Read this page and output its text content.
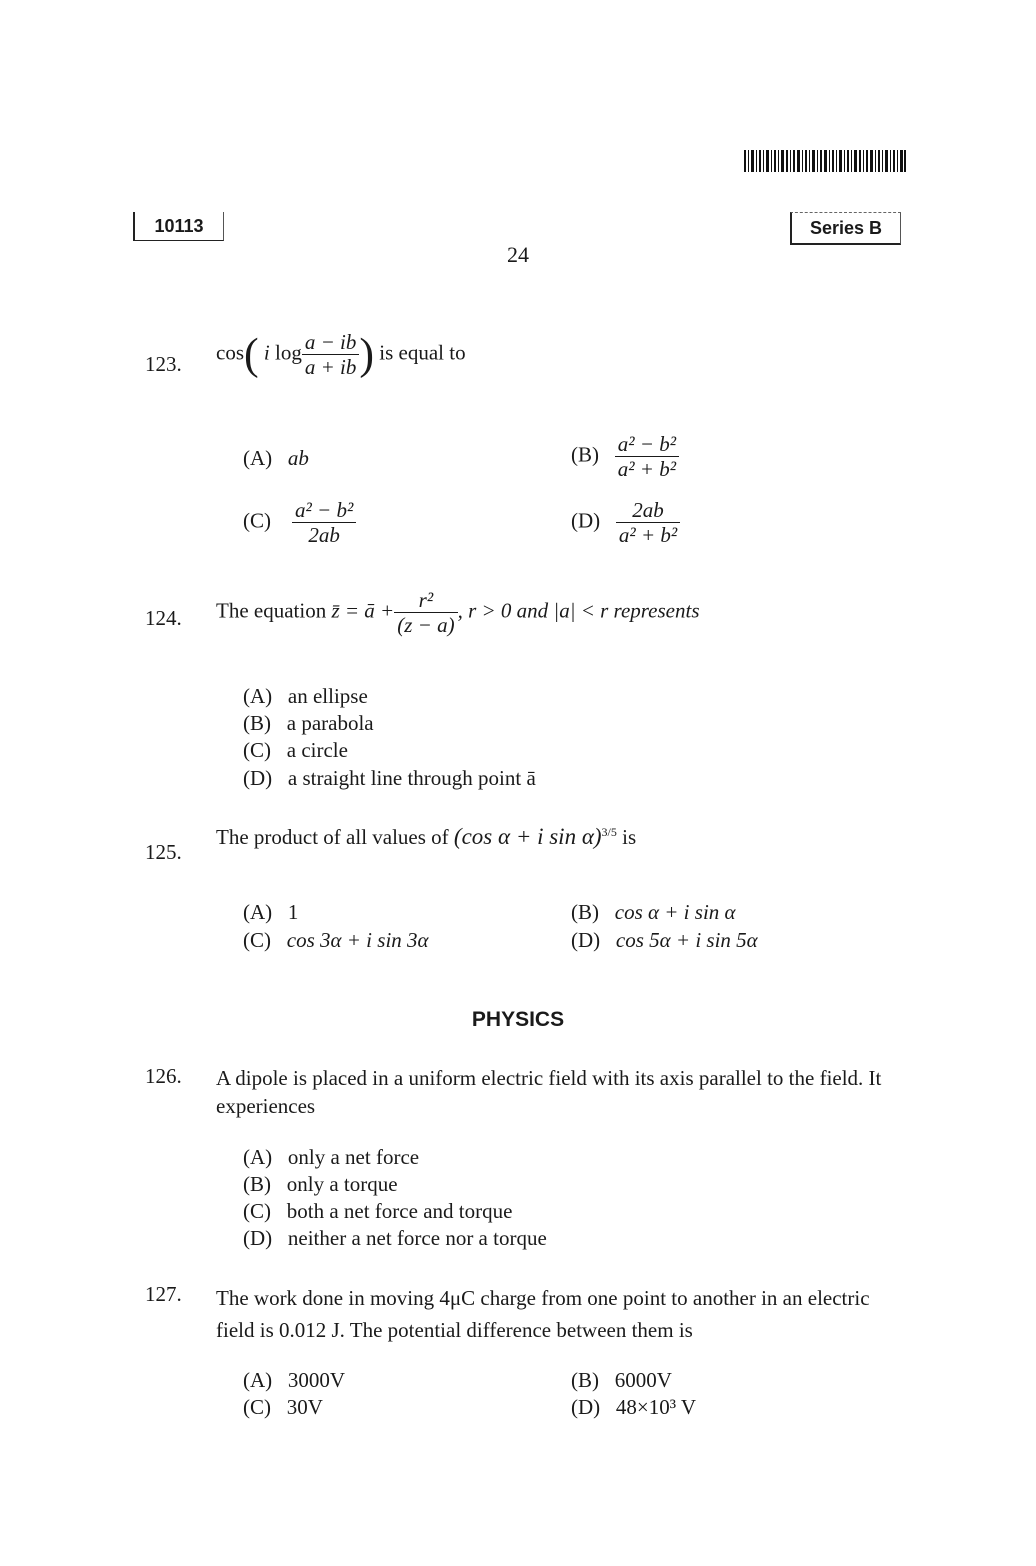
10113	Series B
24
123. cos( i $\log \frac{a - ib}{a + ib}$ ) is equal to
(A) ab	$(B) \frac{\text{a² − b²}}{\text{a² + b²}}$
$(C) \frac{\text{a² − b²}}{2ab}$	$(D) \frac{2ab}{\text{a² + b²}}$
124. The equation z̄ = ā + $\frac{\text{r²}}{(z - a)}$ , r > 0 and |a| < r represents
(A) an ellipse
(B) a parabola
(C) a circle
(D) a straight line through point ā
125.
The product of all values of (cos α + i sin α)$^{3/5}$ is
(A) 1	(B) cos α + i sin α
(C) cos 3α + i sin 3α	(D) cos 5α + i sin 5α
PHYSICS
126. A dipole is placed in a uniform electric field with its axis parallel to the field. It experiences
(A) only a net force
(B) only a torque
(C) both a net force and torque
(D) neither a net force nor a torque
127. The work done in moving 4μC charge from one point to another in an electric field is 0.012 J. The potential difference between them is
(A) 3000V	(B) 6000V
(C) 30V	(D) 48×10³ V
